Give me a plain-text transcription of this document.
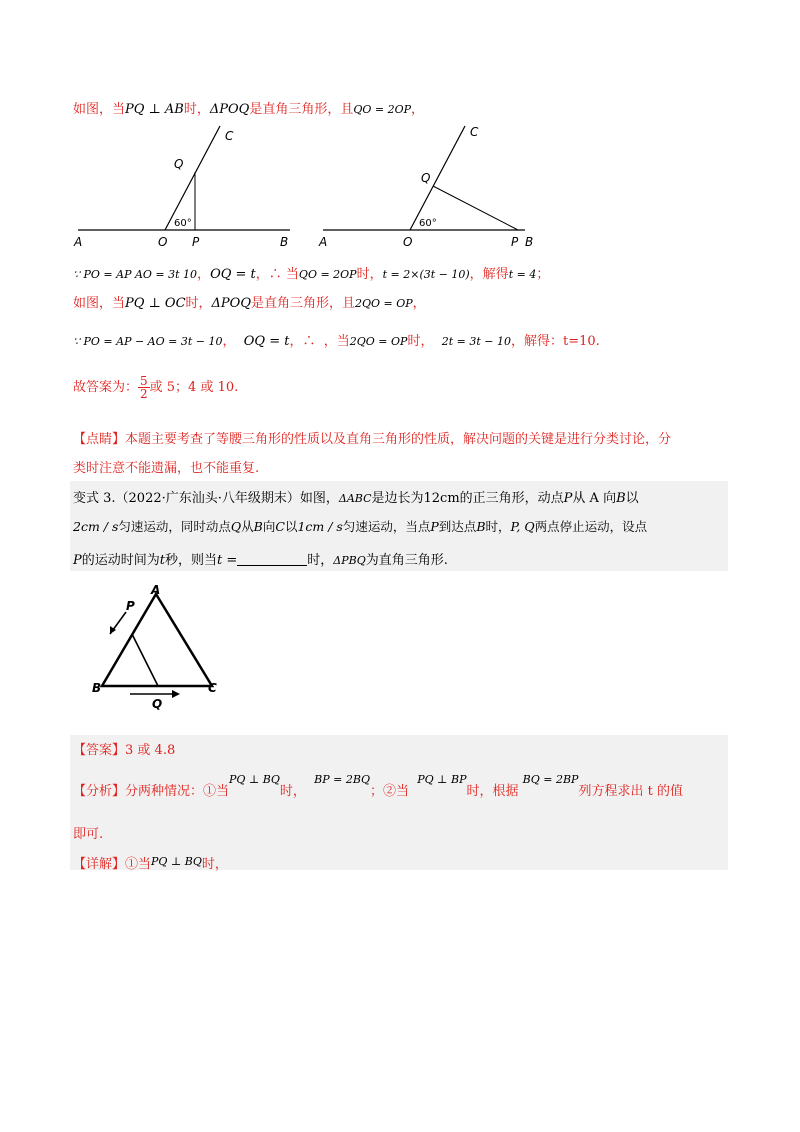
如图，当PQ ⊥ AB时，ΔPOQ是直角三角形，且QO = 2OP，
C
Q
60°
A	O P	B
C
Q
60°
A	O	P B
∵ PO = AP AO = 3t 10，OQ = t，∴ 当QO = 2OP时，t = 2×(3t − 10)，解得t = 4；
如图，当PQ ⊥ OC时，ΔPOQ是直角三角形，且2QO = OP，
∵ PO = AP − AO = 3t − 10， OQ = t，∴ ，当2QO = OP时， 2t = 3t − 10，解得：t=10.
故答案为： $\frac{5}{2}$ 或 5；4 或 10.
【点睛】本题主要考查了等腰三角形的性质以及直角三角形的性质，解决问题的关键是进行分类讨论，分
类时注意不能遗漏，也不能重复.
变式 3.（2022·广东汕头·八年级期末）如图，ΔABC是边长为12cm的正三角形，动点P从 A 向B以
2cm / s匀速运动，同时动点Q从B向C以1cm / s匀速运动，当点P到达点B时，P, Q两点停止运动，设点
P的运动时间为t秒，则当t =	时，ΔPBQ为直角三角形.
A
P
B	C
Q
【答案】3 或 4.8
【分析】分两种情况：①当$^{PQ \perp BQ}$时，  $^{BP = 2BQ}$；②当  $^{PQ \perp BP}$时，根据 $^{BQ = 2BP}$列方程求出 t 的值
即可.
【详解】①当$^{PQ \perp BQ}$时，
